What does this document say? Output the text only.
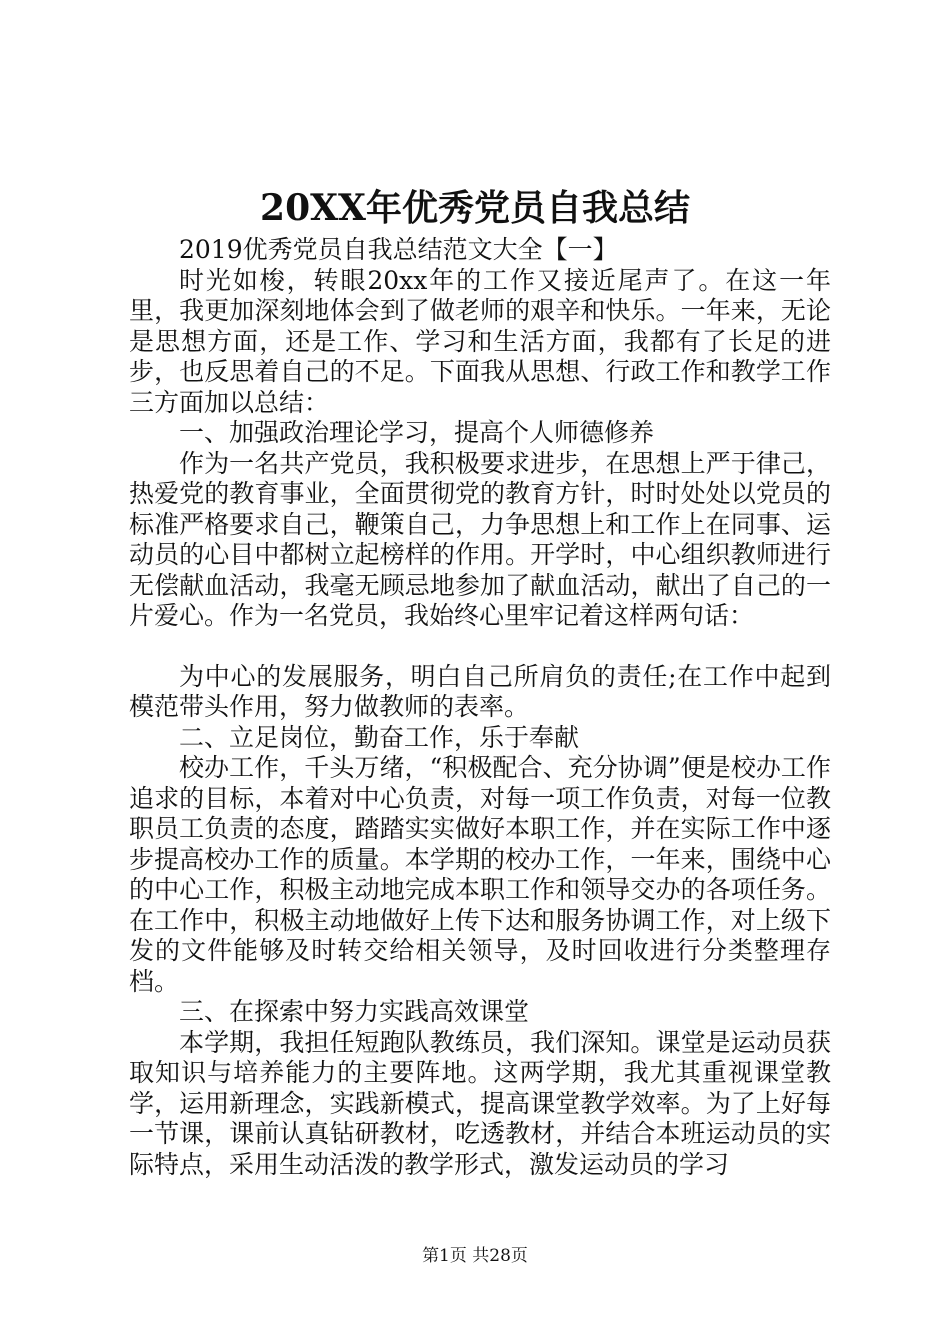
20XX年优秀党员自我总结

2019优秀党员自我总结范文大全【一】

时光如梭，转眼20xx年的工作又接近尾声了。在这一年里，我更加深刻地体会到了做老师的艰辛和快乐。一年来，无论是思想方面，还是工作、学习和生活方面，我都有了长足的进步，也反思着自己的不足。下面我从思想、行政工作和教学工作三方面加以总结：

一、加强政治理论学习，提高个人师德修养

作为一名共产党员，我积极要求进步，在思想上严于律己，热爱党的教育事业，全面贯彻党的教育方针，时时处处以党员的标准严格要求自己，鞭策自己，力争思想上和工作上在同事、运动员的心目中都树立起榜样的作用。开学时，中心组织教师进行无偿献血活动，我毫无顾忌地参加了献血活动，献出了自己的一片爱心。作为一名党员，我始终心里牢记着这样两句话：

为中心的发展服务，明白自己所肩负的责任;在工作中起到模范带头作用，努力做教师的表率。

二、立足岗位，勤奋工作，乐于奉献

校办工作，千头万绪，“积极配合、充分协调”便是校办工作追求的目标，本着对中心负责，对每一项工作负责，对每一位教职员工负责的态度，踏踏实实做好本职工作，并在实际工作中逐步提高校办工作的质量。本学期的校办工作，一年来，围绕中心的中心工作，积极主动地完成本职工作和领导交办的各项任务。在工作中，积极主动地做好上传下达和服务协调工作，对上级下发的文件能够及时转交给相关领导，及时回收进行分类整理存档。

三、在探索中努力实践高效课堂

本学期，我担任短跑队教练员，我们深知。课堂是运动员获取知识与培养能力的主要阵地。这两学期，我尤其重视课堂教学，运用新理念，实践新模式，提高课堂教学效率。为了上好每一节课，课前认真钻研教材，吃透教材，并结合本班运动员的实际特点，采用生动活泼的教学形式，激发运动员的学习

第1页 共28页
